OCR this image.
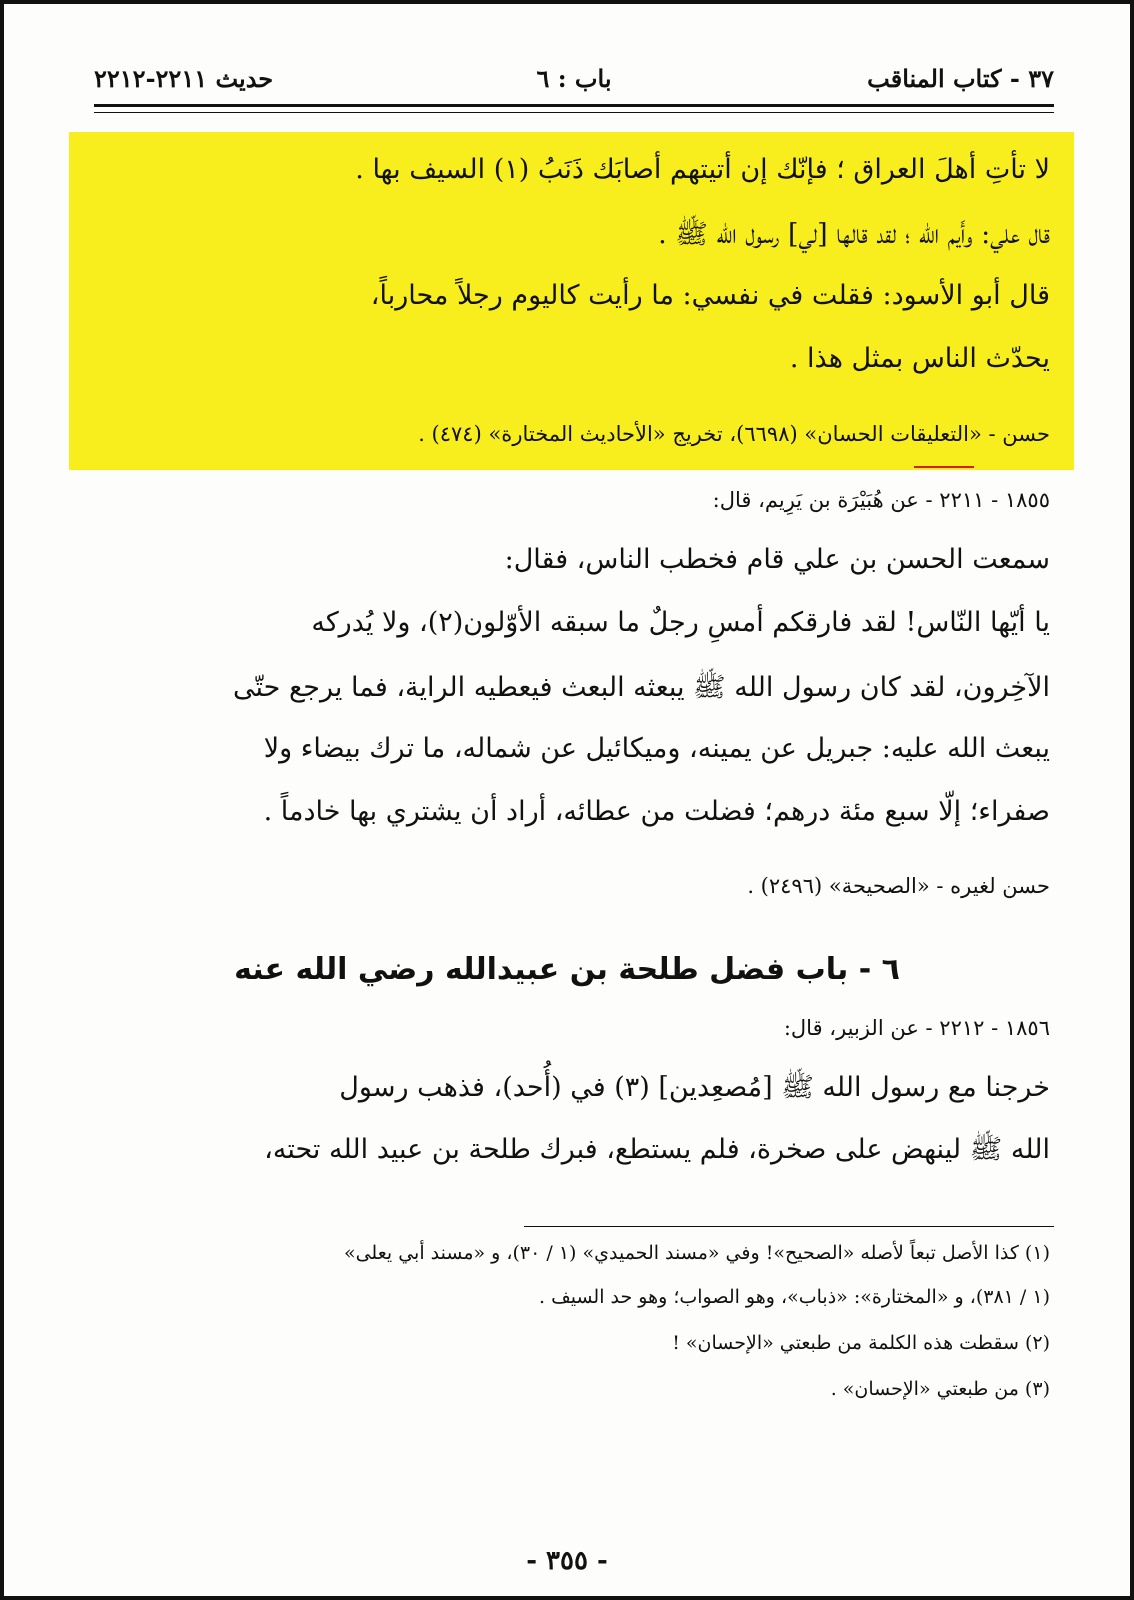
٣٧ - كتاب المناقب
باب : ٦
حديث ٢٢١١-٢٢١٢
لا تأتِ أهلَ العراق ؛ فإنّك إن أتيتهم أصابَك ذَنَبُ (١) السيف بها .
قال علي: وأَيم الله ؛ لقد قالها [لي] رسول الله ﷺ .
قال أبو الأسود: فقلت في نفسي: ما رأيت كاليوم رجلاً محارباً،
يحدّث الناس بمثل هذا .
حسن - «التعليقات الحسان» (٦٦٩٨)، تخريج «الأحاديث المختارة» (٤٧٤) .
١٨٥٥ - ٢٢١١ - عن هُبَيْرَة بن يَرِيم، قال:
سمعت الحسن بن علي قام فخطب الناس، فقال:
يا أيّها النّاس! لقد فارقكم أمسِ رجلٌ ما سبقه الأوّلون(٢)، ولا يُدركه
الآخِرون، لقد كان رسول الله ﷺ يبعثه البعث فيعطيه الراية، فما يرجع حتّى
يبعث الله عليه: جبريل عن يمينه، وميكائيل عن شماله، ما ترك بيضاء ولا
صفراء؛ إلّا سبع مئة درهم؛ فضلت من عطائه، أراد أن يشتري بها خادماً .
حسن لغيره - «الصحيحة» (٢٤٩٦) .
٦ - باب فضل طلحة بن عبيدالله رضي الله عنه
١٨٥٦ - ٢٢١٢ - عن الزبير، قال:
خرجنا مع رسول الله ﷺ [مُصعِدين] (٣) في (أُحد)، فذهب رسول
الله ﷺ لينهض على صخرة، فلم يستطع، فبرك طلحة بن عبيد الله تحته،
(١) كذا الأصل تبعاً لأصله «الصحيح»! وفي «مسند الحميدي» (١ / ٣٠)، و «مسند أبي يعلى»
(١ / ٣٨١)، و «المختارة»: «ذباب»، وهو الصواب؛ وهو حد السيف .
(٢) سقطت هذه الكلمة من طبعتي «الإحسان» !
(٣) من طبعتي «الإحسان» .
- ٣٥٥ -
